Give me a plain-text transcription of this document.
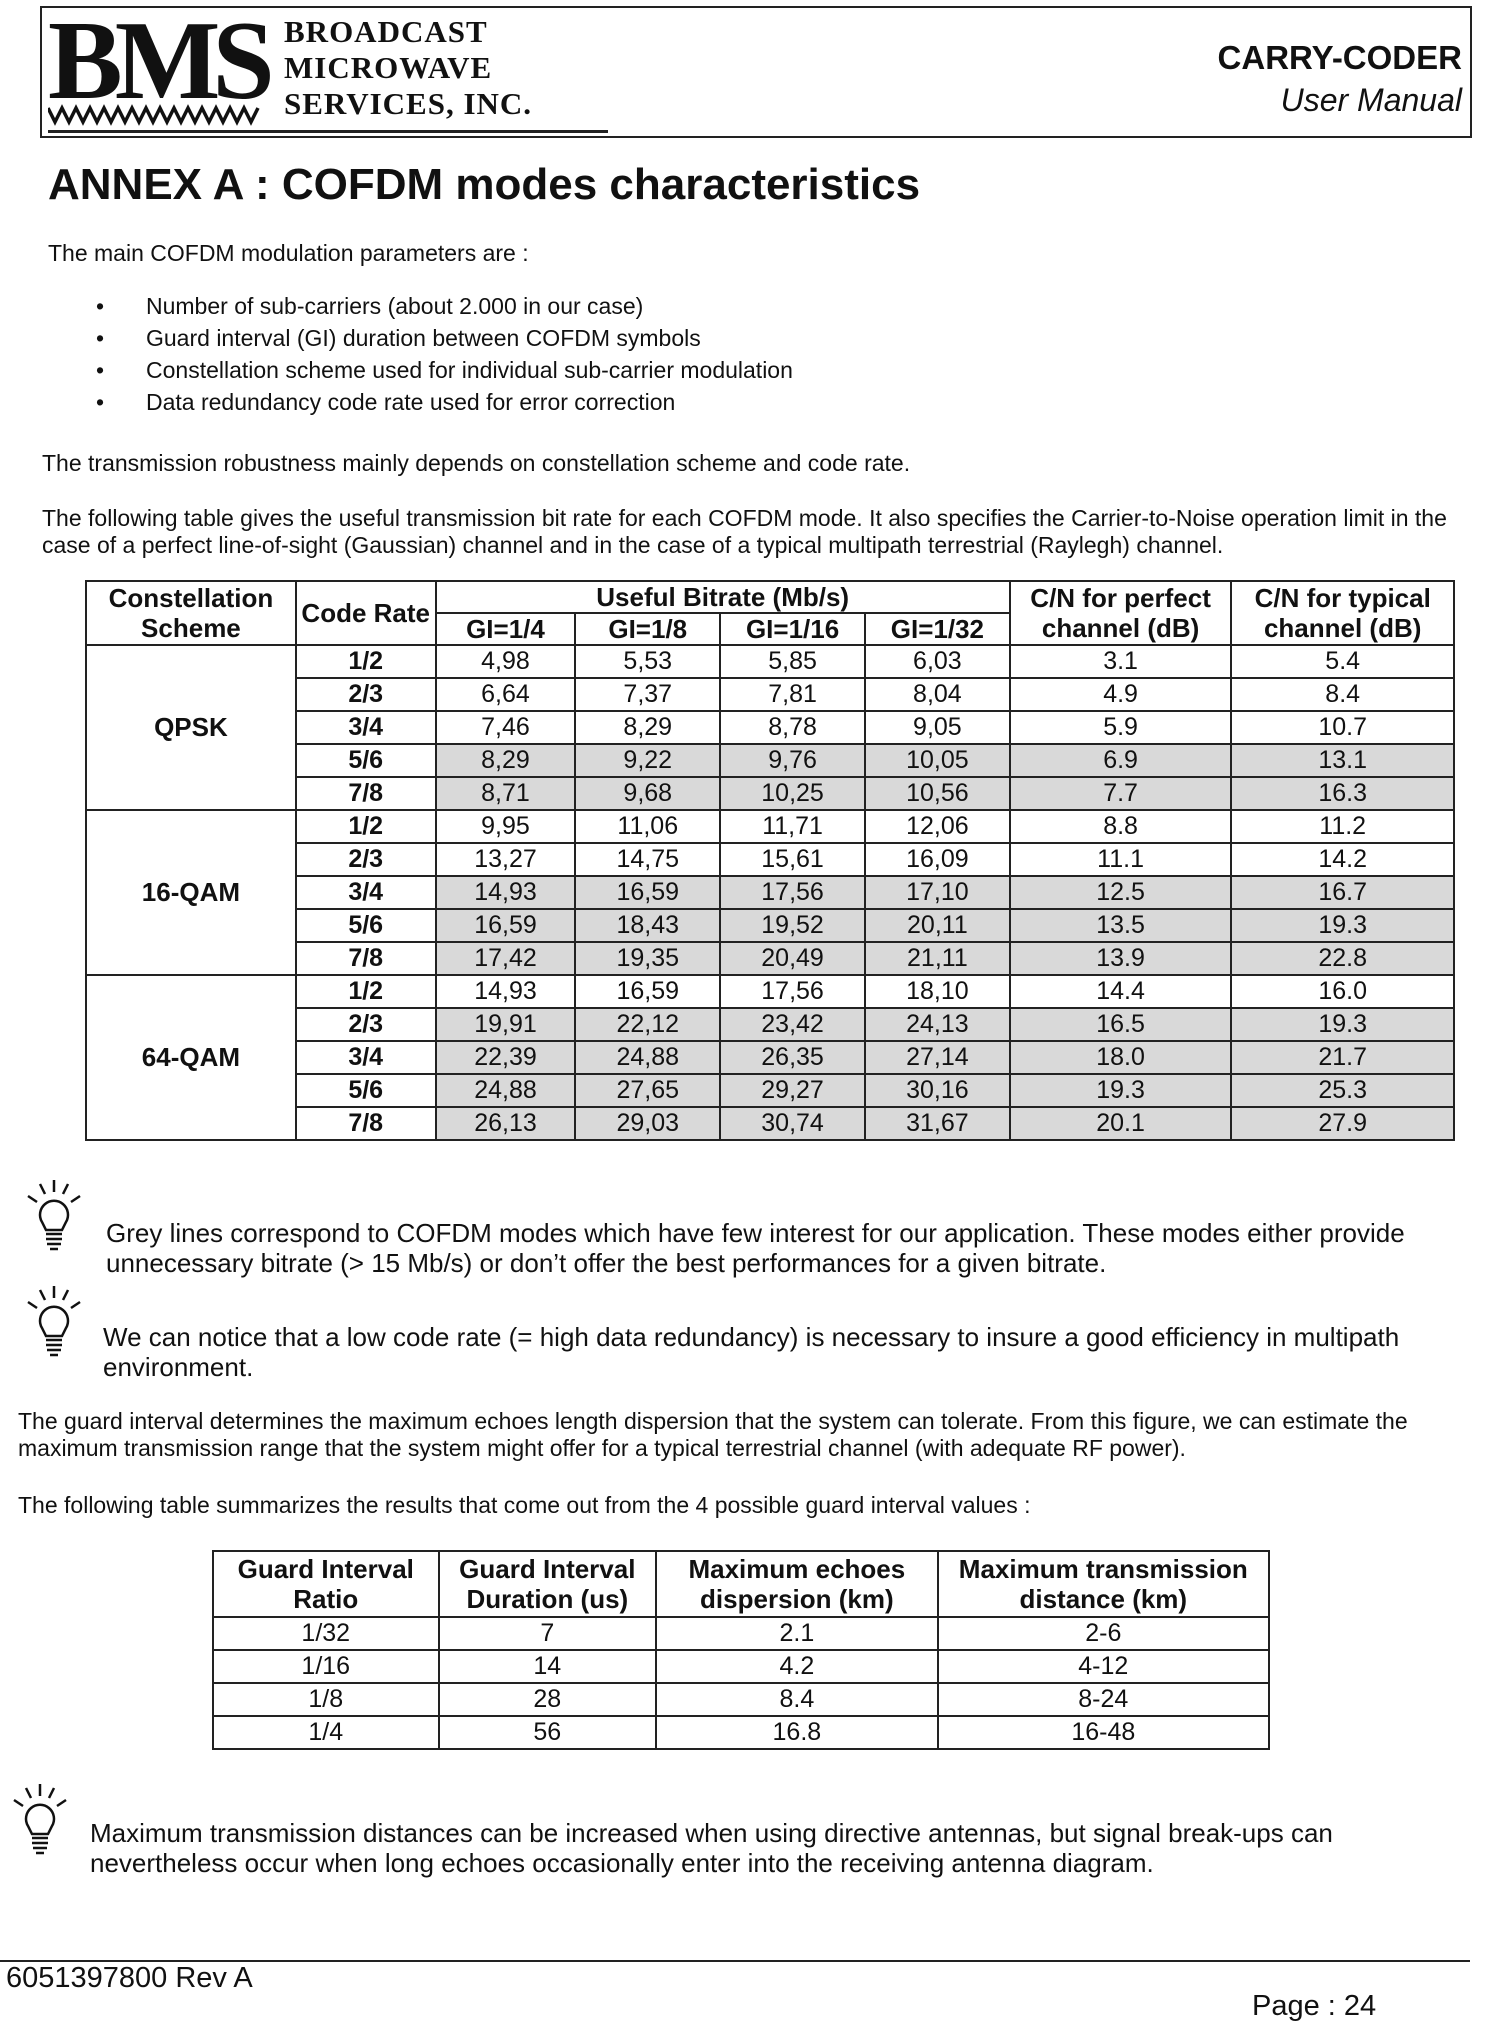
BMS BROADCAST
MICROWAVE
SERVICES, INC.
CARRY-CODER
User Manual
ANNEX A : COFDM modes characteristics

The main COFDM modulation parameters are :

• Number of sub-carriers (about 2.000 in our case)
• Guard interval (GI) duration between COFDM symbols
• Constellation scheme used for individual sub-carrier modulation
• Data redundancy code rate used for error correction

The transmission robustness mainly depends on constellation scheme and code rate.

The following table gives the useful transmission bit rate for each COFDM mode. It also specifies the Carrier-to-Noise operation limit in the case of a perfect line-of-sight (Gaussian) channel and in the case of a typical multipath terrestrial (Raylegh) channel.

Constellation Scheme	Code Rate	Useful Bitrate (Mb/s)				C/N for perfect channel (dB)	C/N for typical channel (dB)
		GI=1/4	GI=1/8	GI=1/16	GI=1/32		
QPSK	1/2	4,98	5,53	5,85	6,03	3.1	5.4
	2/3	6,64	7,37	7,81	8,04	4.9	8.4
	3/4	7,46	8,29	8,78	9,05	5.9	10.7
	5/6	8,29	9,22	9,76	10,05	6.9	13.1
	7/8	8,71	9,68	10,25	10,56	7.7	16.3
16-QAM	1/2	9,95	11,06	11,71	12,06	8.8	11.2
	2/3	13,27	14,75	15,61	16,09	11.1	14.2
	3/4	14,93	16,59	17,56	17,10	12.5	16.7
	5/6	16,59	18,43	19,52	20,11	13.5	19.3
	7/8	17,42	19,35	20,49	21,11	13.9	22.8
64-QAM	1/2	14,93	16,59	17,56	18,10	14.4	16.0
	2/3	19,91	22,12	23,42	24,13	16.5	19.3
	3/4	22,39	24,88	26,35	27,14	18.0	21.7
	5/6	24,88	27,65	29,27	30,16	19.3	25.3
	7/8	26,13	29,03	30,74	31,67	20.1	27.9

Grey lines correspond to COFDM modes which have few interest for our application. These modes either provide unnecessary bitrate (> 15 Mb/s) or don’t offer the best performances for a given bitrate.

We can notice that a low code rate (= high data redundancy) is necessary to insure a good efficiency in multipath environment.

The guard interval determines the maximum echoes length dispersion that the system can tolerate. From this figure, we can estimate the maximum transmission range that the system might offer for a typical terrestrial channel (with adequate RF power).

The following table summarizes the results that come out from the 4 possible guard interval values :

Guard Interval Ratio	Guard Interval Duration (us)	Maximum echoes dispersion (km)	Maximum transmission distance (km)
1/32	7	2.1	2-6
1/16	14	4.2	4-12
1/8	28	8.4	8-24
1/4	56	16.8	16-48

Maximum transmission distances can be increased when using directive antennas, but signal break-ups can nevertheless occur when long echoes occasionally enter into the receiving antenna diagram.

6051397800 Rev A
Page : 24
